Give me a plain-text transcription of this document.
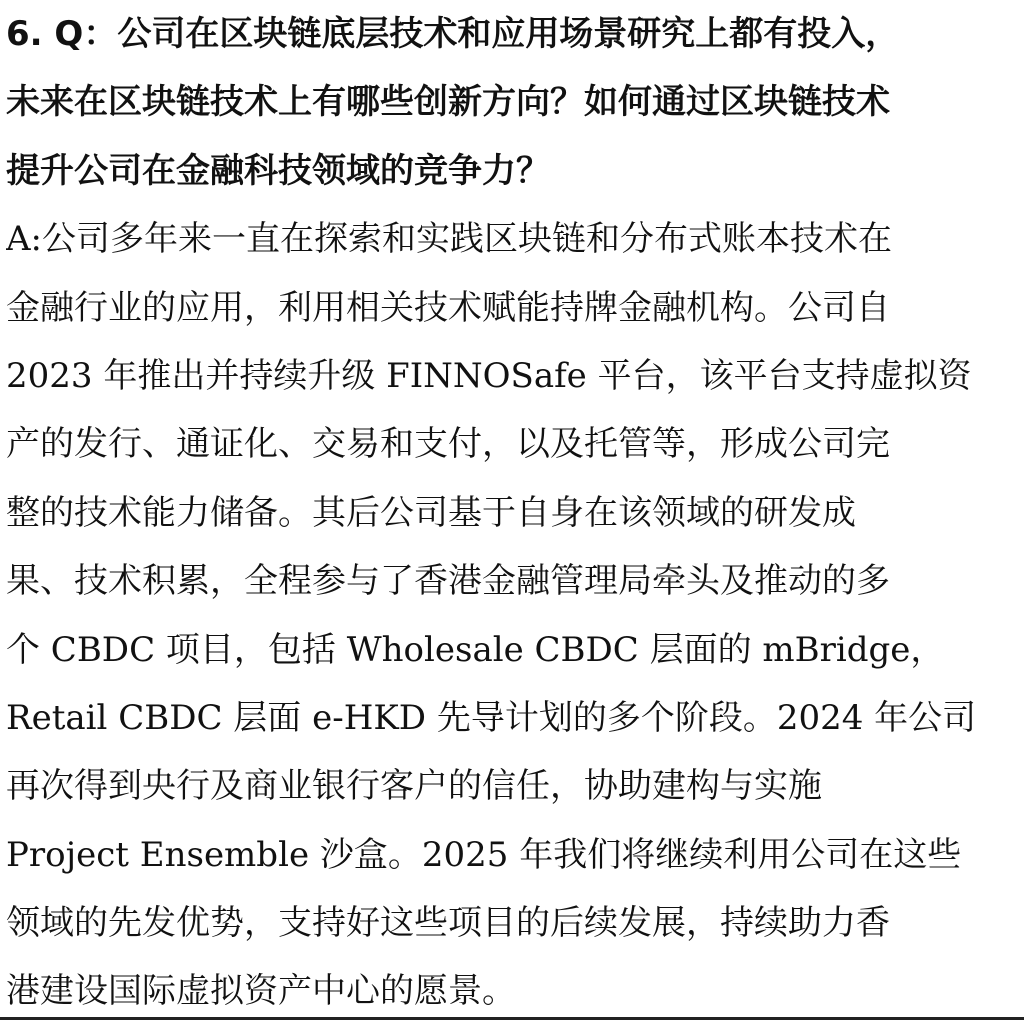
6. Q：公司在区块链底层技术和应用场景研究上都有投入，
未来在区块链技术上有哪些创新方向？如何通过区块链技术
提升公司在金融科技领域的竞争力？
A:公司多年来一直在探索和实践区块链和分布式账本技术在
金融行业的应用，利用相关技术赋能持牌金融机构。公司自
2023 年推出并持续升级 FINNOSafe 平台，该平台支持虚拟资
产的发行、通证化、交易和支付，以及托管等，形成公司完
整的技术能力储备。其后公司基于自身在该领域的研发成
果、技术积累，全程参与了香港金融管理局牵头及推动的多
个 CBDC 项目，包括 Wholesale CBDC 层面的 mBridge，
Retail CBDC 层面 e-HKD 先导计划的多个阶段。2024 年公司
再次得到央行及商业银行客户的信任，协助建构与实施
Project Ensemble 沙盒。2025 年我们将继续利用公司在这些
领域的先发优势，支持好这些项目的后续发展，持续助力香
港建设国际虚拟资产中心的愿景。
